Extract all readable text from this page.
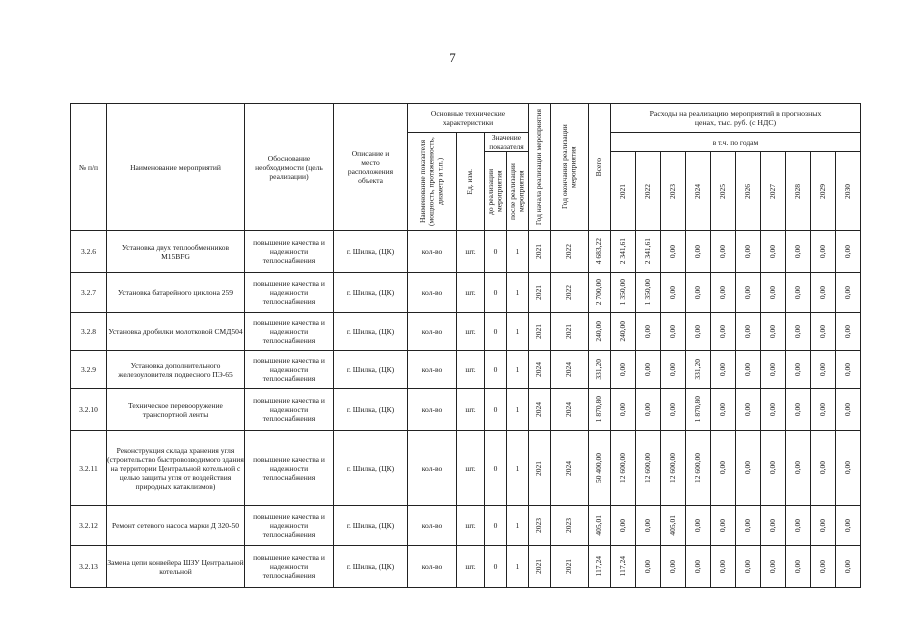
7
№ п/п	Наименование мероприятий	Обоснование необходимости (цель реализации)	Описание и место расположения объекта	Основные технические характеристики				Год начала реализации мероприятия	Год окончания реализации мероприятия	Всего	Расходы на реализацию мероприятий в прогнозных ценах, тыс. руб. (с НДС)									

				Наименование показателя (мощность, протяженность, диаметр и т.п.)	Ед. изм.	Значение показателя					в т.ч. по годам									

						до реализации мероприятия	после реализации мероприятия				2021	2022	2023	2024	2025	2026	2027	2028	2029	2030

3.2.6	Установка двух теплообменников M15BFG	повышение качества и надежности теплоснабжения	г. Шилка, (ЦК)	кол-во	шт.	0	1	2021	2022	4 683,22	2 341,61	2 341,61	0,00	0,00	0,00	0,00	0,00	0,00	0,00	0,00

3.2.7	Установка батарейного циклона 259	повышение качества и надежности теплоснабжения	г. Шилка, (ЦК)	кол-во	шт.	0	1	2021	2022	2 700,00	1 350,00	1 350,00	0,00	0,00	0,00	0,00	0,00	0,00	0,00	0,00

3.2.8	Установка дробилки молотковой СМД504	повышение качества и надежности теплоснабжения	г. Шилка, (ЦК)	кол-во	шт.	0	1	2021	2021	240,00	240,00	0,00	0,00	0,00	0,00	0,00	0,00	0,00	0,00	0,00

3.2.9	Установка дополнительного железоуловителя подвесного ПЭ-65	повышение качества и надежности теплоснабжения	г. Шилка, (ЦК)	кол-во	шт.	0	1	2024	2024	331,20	0,00	0,00	0,00	331,20	0,00	0,00	0,00	0,00	0,00	0,00

3.2.10	Техническое перевооружение транспортной ленты	повышение качества и надежности теплоснабжения	г. Шилка, (ЦК)	кол-во	шт.	0	1	2024	2024	1 870,80	0,00	0,00	0,00	1 870,80	0,00	0,00	0,00	0,00	0,00	0,00

3.2.11	Реконструкция склада хранения угля (строительство быстровозводимого здания на территории Центральной котельной с целью защиты угля от воздействия природных катаклизмов)	повышение качества и надежности теплоснабжения	г. Шилка, (ЦК)	кол-во	шт.	0	1	2021	2024	50 400,00	12 600,00	12 600,00	12 600,00	12 600,00	0,00	0,00	0,00	0,00	0,00	0,00

3.2.12	Ремонт сетевого насоса марки Д 320-50	повышение качества и надежности теплоснабжения	г. Шилка, (ЦК)	кол-во	шт.	0	1	2023	2023	405,01	0,00	0,00	405,01	0,00	0,00	0,00	0,00	0,00	0,00	0,00

3.2.13	Замена цепи конвейера ШЗУ Центральной котельной	повышение качества и надежности теплоснабжения	г. Шилка, (ЦК)	кол-во	шт.	0	1	2021	2021	117,24	117,24	0,00	0,00	0,00	0,00	0,00	0,00	0,00	0,00	0,00
